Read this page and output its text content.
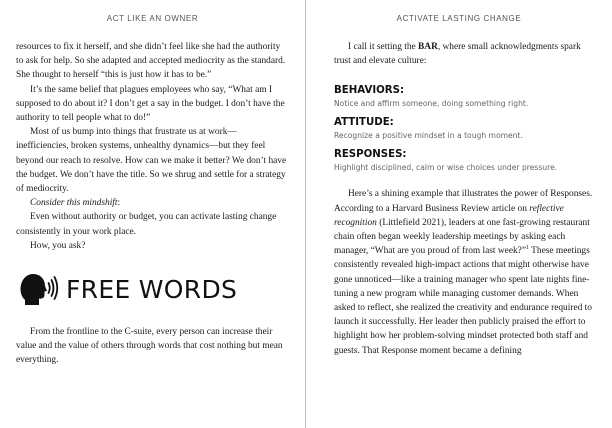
ACT LIKE AN OWNER

resources to fix it herself, and she didn’t feel like she had the authority to ask for help. So she adapted and accepted mediocrity as the standard. She thought to herself “this is just how it has to be.”

It’s the same belief that plagues employees who say, “What am I supposed to do about it? I don’t get a say in the budget. I don’t have the authority to tell people what to do!”

Most of us bump into things that frustrate us at work—inefficiencies, broken systems, unhealthy dynamics—but they feel beyond our reach to resolve. How can we make it better? We don’t have the budget. We don’t have the title. So we shrug and settle for a strategy of mediocrity.

Consider this mindshift:

Even without authority or budget, you can activate lasting change consistently in your work place.

How, you ask?

FREE WORDS

From the frontline to the C-suite, every person can increase their value and the value of others through words that cost nothing but mean everything.

ACTIVATE LASTING CHANGE

I call it setting the BAR, where small acknowledgments spark trust and elevate culture:

BEHAVIORS:
Notice and affirm someone, doing something right.
ATTITUDE:
Recognize a positive mindset in a tough moment.
RESPONSES:
Highlight disciplined, calm or wise choices under pressure.

Here’s a shining example that illustrates the power of Responses. According to a Harvard Business Review article on reflective recognition (Littlefield 2021), leaders at one fast-growing restaurant chain often began weekly leadership meetings by asking each manager, “What are you proud of from last week?”$^1$ These meetings consistently revealed high-impact actions that might otherwise have gone unnoticed—like a training manager who spent late nights fine-tuning a new program while managing customer demands. When asked to reflect, she realized the creativity and endurance required to launch it successfully. Her leader then publicly praised the effort to highlight how her problem-solving mindset protected both staff and guests. That Response moment became a defining
